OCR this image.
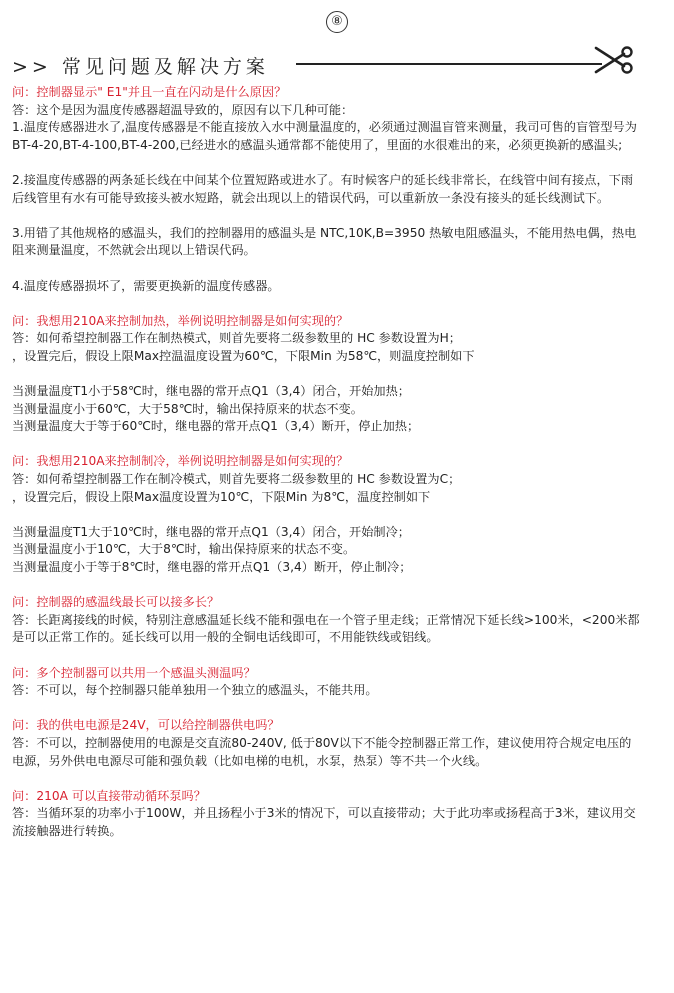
⑧
>> 常见问题及解决方案

问：控制器显示" E1"并且一直在闪动是什么原因？

答：这个是因为温度传感器超温导致的，原因有以下几种可能：

1.温度传感器进水了,温度传感器是不能直接放入水中测量温度的，必须通过测温盲管来测量，我司可售的盲管型号为BT-4-20,BT-4-100,BT-4-200,已经进水的感温头通常都不能使用了，里面的水很难出的来，必须更换新的感温头;

2.接温度传感器的两条延长线在中间某个位置短路或进水了。有时候客户的延长线非常长，在线管中间有接点，下雨后线管里有水有可能导致接头被水短路，就会出现以上的错误代码，可以重新放一条没有接头的延长线测试下。

3.用错了其他规格的感温头，我们的控制器用的感温头是 NTC,10K,B=3950 热敏电阻感温头，不能用热电偶，热电阻来测量温度，不然就会出现以上错误代码。

4.温度传感器损坏了，需要更换新的温度传感器。

问：我想用210A来控制加热，举例说明控制器是如何实现的？

答：如何希望控制器工作在制热模式，则首先要将二级参数里的 HC 参数设置为H；

，设置完后，假设上限Max控温温度设置为60℃，下限Min 为58℃，则温度控制如下

当测量温度T1小于58℃时，继电器的常开点Q1（3,4）闭合，开始加热；

当测量温度小于60℃，大于58℃时，输出保持原来的状态不变。

当测量温度大于等于60℃时，继电器的常开点Q1（3,4）断开，停止加热；

问：我想用210A来控制制冷，举例说明控制器是如何实现的？

答：如何希望控制器工作在制冷模式，则首先要将二级参数里的 HC 参数设置为C；

，设置完后，假设上限Max温度设置为10℃，下限Min 为8℃，温度控制如下

当测量温度T1大于10℃时，继电器的常开点Q1（3,4）闭合，开始制冷；

当测量温度小于10℃，大于8℃时，输出保持原来的状态不变。

当测量温度小于等于8℃时，继电器的常开点Q1（3,4）断开，停止制冷；

问：控制器的感温线最长可以接多长？

答：长距离接线的时候，特别注意感温延长线不能和强电在一个管子里走线；正常情况下延长线>100米，<200米都是可以正常工作的。延长线可以用一般的全铜电话线即可，不用能铁线或铝线。

问：多个控制器可以共用一个感温头测温吗？

答：不可以，每个控制器只能单独用一个独立的感温头，不能共用。

问：我的供电电源是24V，可以给控制器供电吗？

答：不可以，控制器使用的电源是交直流80-240V, 低于80V以下不能令控制器正常工作，建议使用符合规定电压的电源，另外供电电源尽可能和强负载（比如电梯的电机，水泵，热泵）等不共一个火线。

问：210A 可以直接带动循环泵吗？

答：当循环泵的功率小于100W，并且扬程小于3米的情况下，可以直接带动；大于此功率或扬程高于3米，建议用交流接触器进行转换。
